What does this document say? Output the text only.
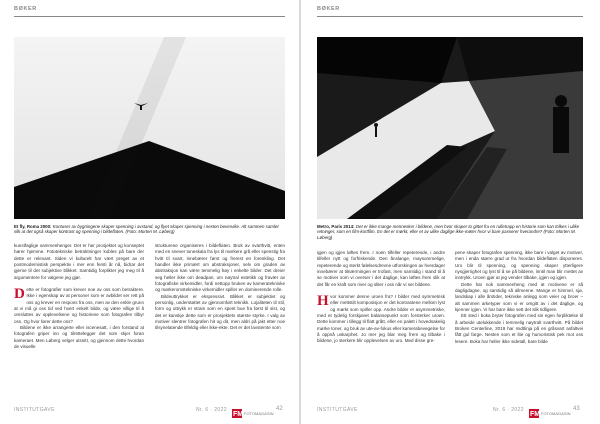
BØKER
Et fly, Roma 2000: Kontuser av bygningene skaper spenning i avstand, og flyet skaper spenning i nesten bevervike. Alt sammen samlet slik at det også skaper kontrast og spenning i bildeflaten. (Foto: Morten M. Løberg)

kunstfaglige sammenhenger. Det er her prosjektet og konseptet hører hjemme. Fototekniske betraktninger kobles på bare der dette er relevant. Siden vi kulturelt har vært preget av et postmodernistisk perspektiv i mer enn femti år nå, bidrar det gjerne til det subjektive blikket. Samtidig forplikter jeg meg til å argumentere for valgene jeg gjør.

Dette er fotografier som krever noe av oss som betraktere. Ikke i egenskap av at personer som er avbildet ser rett på oss og krever en respons fra oss, men av den enkle grunn at vi må gi oss tid ved hvert enkelt bilde, og være villige til å omsluttes av opplevelsene og historiene som fotografen tilbyr oss. Og hvor fører dette oss?

Bildene er ikke arrangerte eller iscenesatt, i den forstand at fotografen griper inn og tilrettelegger det som skjer foran kameraet. Men Løberg velger utsnitt, og gjennom dette hvordan de visuelle

strukturene organiseres i bildeflaten. Bruk av svarthvitt, enten med en snever toneskala fra lys til mørkere grå eller spenstig fra hvitt til svart, innebærer først og fremst en forenkling. Det handler ikke primært om abstraksjoner, selv om graden av abstraksjon kan være temmelig høy i enkelte bilder. Det dreier seg heller ikke om deadpan, om nøytral estetikk og fravær av fotografiske virkemidler, fordi nettopp bruken av kameratekniske og mørkeromstekniske virkemidler spiller en dominerende rolle.

Bildeuttrykket er ekspressivt. Blikket er subjektivt og personlig, understøttet av gjennomført teknikk. Lojaliteten til stil, form og uttrykk er stram som en spent bue fra først til sist, og det er kanskje dette som er prosjektets største styrke. I valg av motiver slentrer fotografen hit og dit, men aldri på jakt etter noe tilsynelatende tilfeldig eller ikke-ekte. Det er det lavstemte som

INSTITUTGAVE	Nr. 6 · 2022
FM FOTOMAGASIN
42
BØKER
Metro, Paris 2014: Det er ikke mange mennesker i bildene, men hvor skaper to gittet fra en rulletrapp en historie som kan tolkes i ulike retninger, som en film-kortfilm. En det er mørkt, eller et av ulike daglige ikke-møter hvor vi bare passerer hverandre? (Foto: Morten M. Løberg)

igjen og igjen løftes frem. I noen tilfeller repeterende, i andre tilfeller nytt og forfriskende. Den ånslange, maysommelige, repeterende og sterkt følelsesdrevne utforskingen av hverdager innebærer at tilnærmingen er trofast, men samtidig i stand til å se motiver som vi overser i det daglige, kan løftes frem slik at det får en kraft som river og sliter i oss når vi ser bildene.

Hvor kommer denne uroen fra? I bilder med symmetrisk eller mettstilt komposisjon er det kontrastene mellom lyst og mørkt som spiller opp. Andre bilder er asymmetriske, med et tydelig forskjøvet balansepunkt som forsterker uroen. Dette kommer i tillegg til flatt grått, eller en palett i hovedsakelig mørke toner, og bruk av ute-av-fokus eller kamerabevegelse for å oppnå uskarphet. Jo mer jeg blar meg frem og tilbake i bildene, jo sterkere blir opplevelsen av uro. Med disse gre-

pene skaper fotografen spenning, ikke bare i valget av motiver, men i enda større grad ut fra hvordan bildeflaten disponeres. Uro blir til spenning, og spenning skaper ytterligere nysgjerrighet og lyst til å se på bildene, inntil man blir mettet av inntrykk. Uroen gjør at jeg vender tilbake, igjen og igjen.

Dette har nok sammenheng med at motivene er så dagligdagse, og samtidig så allmenne. Mange er himmel, sjø, landskap i alle årstider, tekniske anlegg som veier og broer – alt sammen arketyper som vi er omgitt av i det daglige, og kjenner igjen. Vi har bare ikke sett det slik tidligere.

Ett sted i boka bryter fotografen med sin egen forpliktelse til å arbeide utelukkende i temmelig nøytralt svarthvitt. På bildet Broken Centerline, 2019 har midtlinja på en gråsvart asfaltvei fått gul farge. Nesten som et lite og humoristisk pek mot oss lesere. Boka har heller ikke sidetall, bare bilde

INSTITUTGAVE	Nr. 6 · 2022
FM FOTOMAGASIN
43
